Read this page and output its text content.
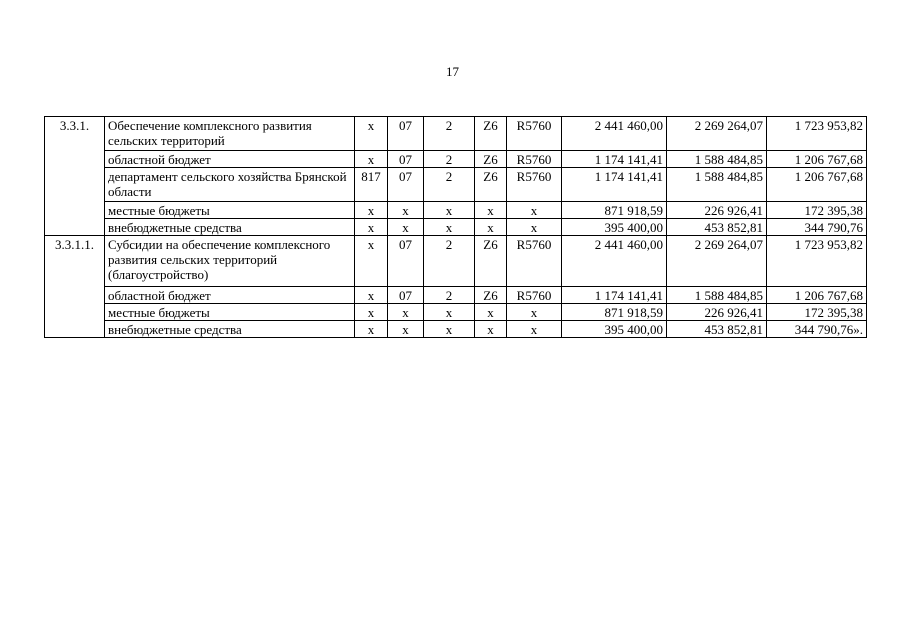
17
3.3.1.	Обеспечение комплексного развития сельских территорий	х	07	2	Z6	R5760	2 441 460,00	2 269 264,07	1 723 953,82
	областной бюджет	х	07	2	Z6	R5760	1 174 141,41	1 588 484,85	1 206 767,68
	департамент сельского хозяйства Брянской области	817	07	2	Z6	R5760	1 174 141,41	1 588 484,85	1 206 767,68
	местные бюджеты	х	х	х	х	х	871 918,59	226 926,41	172 395,38
	внебюджетные средства	х	х	х	х	х	395 400,00	453 852,81	344 790,76
3.3.1.1.	Субсидии на обеспечение комплексного развития сельских территорий (благоустройство)	х	07	2	Z6	R5760	2 441 460,00	2 269 264,07	1 723 953,82
	областной бюджет	х	07	2	Z6	R5760	1 174 141,41	1 588 484,85	1 206 767,68
	местные бюджеты	х	х	х	х	х	871 918,59	226 926,41	172 395,38
	внебюджетные средства	х	х	х	х	х	395 400,00	453 852,81	344 790,76».
